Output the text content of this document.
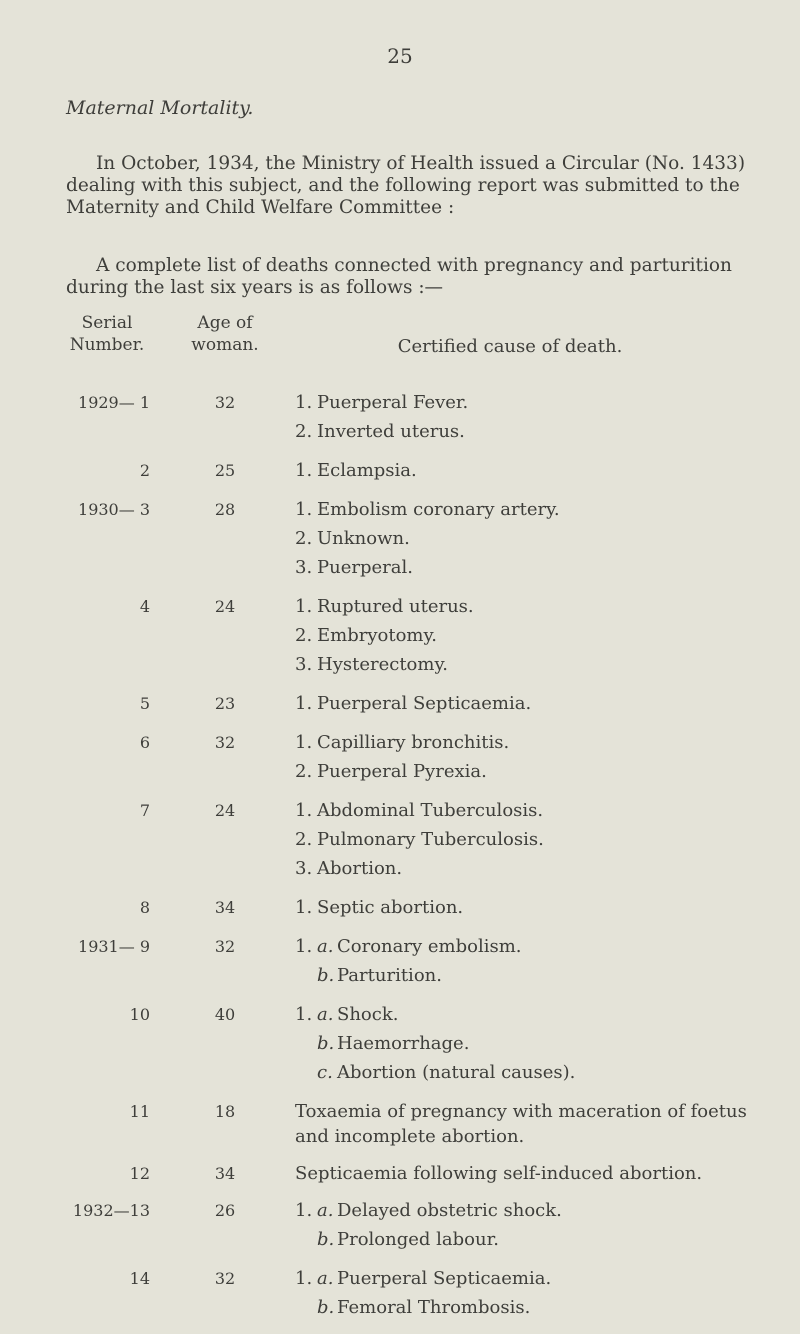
25
Maternal Mortality.

In October, 1934, the Ministry of Health issued a Circular (No. 1433) dealing with this subject, and the following report was submitted to the Maternity and Child Welfare Committee :

A complete list of deaths connected with pregnancy and parturition during the last six years is as follows :—

Serial Number.
Age of woman.	Certified cause of death.
1929— 1	32	1. Puerperal Fever.
2. Inverted uterus.
2	25	1. Eclampsia.
1930— 3	28	1. Embolism coronary artery.
2. Unknown.
3. Puerperal.
4	24	1. Ruptured uterus.
2. Embryotomy.
3. Hysterectomy.
5	23	1. Puerperal Septicaemia.
6	32	1. Capilliary bronchitis.
2. Puerperal Pyrexia.
7	24	1. Abdominal Tuberculosis.
2. Pulmonary Tuberculosis.
3. Abortion.
8	34	1. Septic abortion.
1931— 9	32	1. a. Coronary embolism.
b. Parturition.
10	40	1. a. Shock.
b. Haemorrhage.
c. Abortion (natural causes).
11	18	Toxaemia of pregnancy with maceration of foetus and incomplete abortion.
12	34	Septicaemia following self-induced abortion.
1932—13	26	1. a. Delayed obstetric shock.
b. Prolonged labour.
14	32	1. a. Puerperal Septicaemia.
b. Femoral Thrombosis.
